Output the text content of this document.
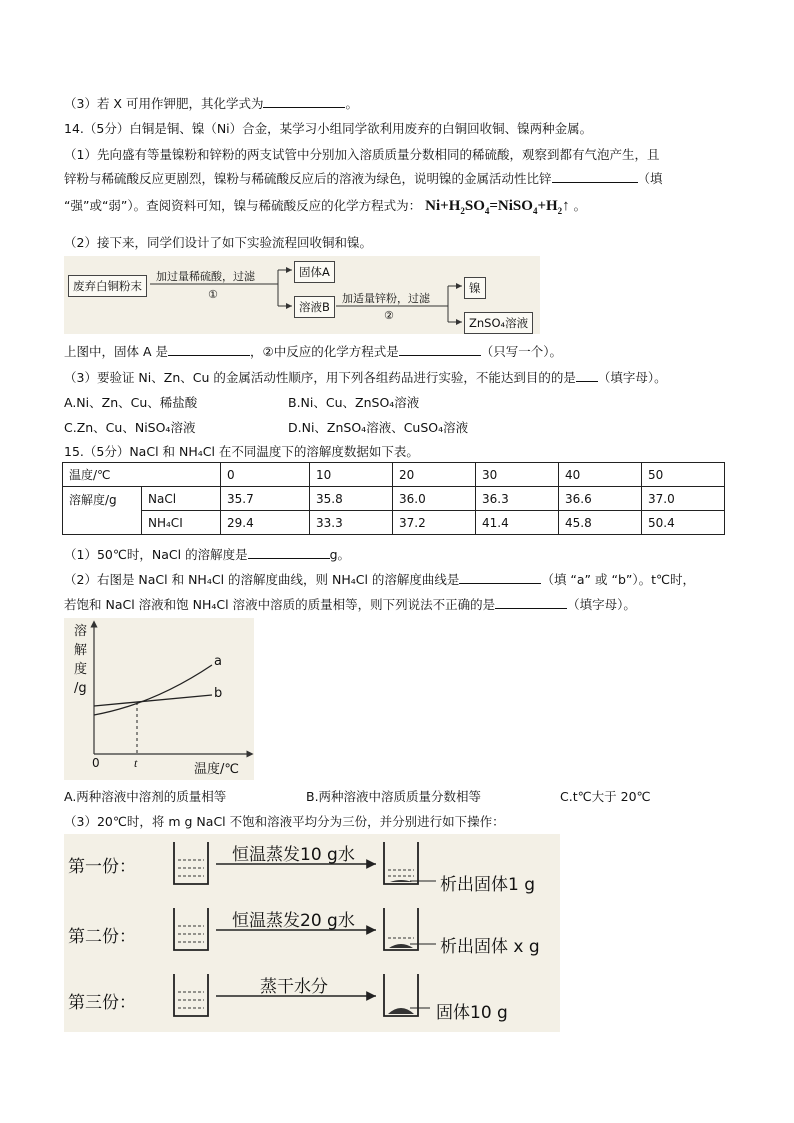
（3）若 X 可用作钾肥，其化学式为	。
14.（5分）白铜是铜、镍（Ni）合金，某学习小组同学欲利用废弃的白铜回收铜、镍两种金属。
（1）先向盛有等量镍粉和锌粉的两支试管中分别加入溶质质量分数相同的稀硫酸，观察到都有气泡产生，且
锌粉与稀硫酸反应更剧烈，镍粉与稀硫酸反应后的溶液为绿色，说明镍的金属活动性比锌	（填
“强”或“弱”）。查阅资料可知，镍与稀硫酸反应的化学方程式为： $Ni+H_2SO_4=NiSO_4+H_2↑$ 。
（2）接下来，同学们设计了如下实验流程回收铜和镍。
废弃白铜粉末
加过量稀硫酸，过滤
①
固体A
溶液B
加适量锌粉，过滤
②
镍
ZnSO₄溶液
上图中，固体 A 是	，②中反应的化学方程式是	（只写一个）。
（3）要验证 Ni、Zn、Cu 的金属活动性顺序，用下列各组药品进行实验，不能达到目的的是 （填字母）。
A.Ni、Zn、Cu、稀盐酸	B.Ni、Cu、ZnSO₄溶液
C.Zn、Cu、NiSO₄溶液	D.Ni、ZnSO₄溶液、CuSO₄溶液
15.（5分）NaCl 和 NH₄Cl 在不同温度下的溶解度数据如下表。
温度/℃		0	10	20	30	40	50
溶解度/g	NaCl	35.7	35.8	36.0	36.3	36.6	37.0
	NH₄CI	29.4	33.3	37.2	41.4	45.8	50.4
（1）50℃时，NaCl 的溶解度是	g。
（2）右图是 NaCl 和 NH₄Cl 的溶解度曲线，则 NH₄Cl 的溶解度曲线是	（填 “a” 或 “b”）。t℃时，
若饱和 NaCl 溶液和饱 NH₄Cl 溶液中溶质的质量相等，则下列说法不正确的是	（填字母）。
溶
解
度
/g
0	t	温度/℃
a
b
A.两种溶液中溶剂的质量相等	B.两种溶液中溶质质量分数相等	C.t℃大于 20℃
（3）20℃时，将 m g NaCl 不饱和溶液平均分为三份，并分别进行如下操作：
第一份：
恒温蒸发10 g水
析出固体1 g
第二份：
恒温蒸发20 g水
析出固体 x g
第三份：
蒸干水分
固体10 g
